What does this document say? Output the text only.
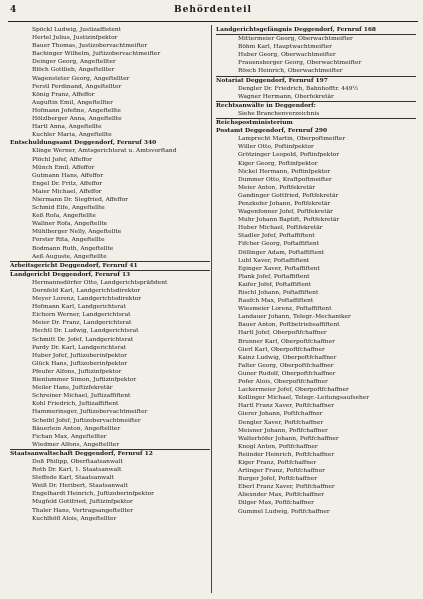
4	Behördenteil
Spöckl Ludwig, Justizaffistent
Hertel Julius, Justizinfpektor
Bauer Thomas, Justizobervachtmeifter
Bachinger Wilhelm, Juftizobervachtmeifter
Deinger Georg, Angeftellter
Blöch Gottlieb, Angeftellter
Wagensteter Georg, Angeftellter
Ferstl Ferdinand, Angeftellter
König Franz, Affeffor
Auguftin Emil, Angeftellter
Hofmann Jofefine, Angeftellte
Hölzlberger Anna, Angeftellte
Hartl Anna, Angeftellte
Kuchler Maria, Angeftellte
Entschuldungsamt Deggendorf, Fernruf 340
Klinge Werner, Amtsgerichtsrat u. Amtsvorftand
Plöchl Jofef, Affeffor
Münch Emil, Affeffor
Gutmann Hans, Affeffor
Engel Dr. Fritz, Affeffor
Maier Michael, Affeffor
Niermann Dr. Siegfried, Affeffor
Schmid Elfe, Angeftellte
Keß Rofa, Angeftellte
Wallner Rofa, Angeftellte
Mühlberger Nelly, Angeftellte
Forster Rita, Angeftellte
Bodmann Ruth, Angeftellte
Aeß Auguste, Angeftellte
Arbeitsgericht Deggendorf, Fernruf 41
Landgericht Deggendorf, Fernruf 13
Hermannsdörfer Otto, Landgerichtspräfident
Dornfeld Karl, Landgerichtsdirektor
Meyer Lorenz, Landgerichtsdirektor
Hofmann Karl, Landgerichtsrat
Eichorn Werner, Landgerichtsrat
Meier Dr. Franz, Landgerichtsrat
Hechtl Dr. Ludwig, Landgerichtsrat
Schmitt Dr. Jofef, Landgerichtsrat
Pardy Dr. Karl, Landgerichtsrat
Huber Jofef, Juftizoberinfpektor
Glück Hans, Juftizoberinfpektor
Pfeufer Alfons, Juftizinfpektor
Bienlummer Simon, Juftizinfpektor
Meiler Hans, Juftizfekretär
Schreiner Michael, Juftizaffiftent
Kohl Friedrich, Juftizaffiftent
Hammerinsger, Juftizobervachtmeifter
Scheibl Jofef, Juftizobervachtmeifter
Bäuerlein Anton, Angeftellter
Fichan Max, Angeftellter
Wiedmer Alfons, Angeftellter
Staatsanwaltschaft Deggendorf, Fernruf 12
Doß Philipp, Oberftaatsanwalt
Roth Dr. Karl, 1. Staatsanwalt
Steffede Karl, Staatsanwalt
Weiß Dr. Heribert, Staatsanwalt
Engelhardt Heinrich, Juftizoberinfpektor
Mugfeld Gottfried, Juftizinfpektor
Thaler Hans, Vertragsangeftellter
Kuchlhöfl Alois, Angeftellter
Landgerichtsgefängnis Deggendorf, Fernruf 168
Mittermeier Georg, Oberwachtmeifter
Böhm Karl, Hauptwachtmeifter
Huber Georg, Oberwachtmeifter
Frauensberger Georg, Oberwachtmeifter
Rösch Heinrich, Oberwachtmeifter
Notariat Deggendorf, Fernruf 197
Dengler Dr. Friedrich, Bahnhofftr. 449½
Wagner Hermann, Oberfekretär
Rechtsanwälte in Deggendorf:
Siehe Branchenverzeichnis
Reichspostministerium
Postamt Deggendorf, Fernruf 290
Lamprecht Martin, Oberpoftmeifter
Willer Otto, Poftinfpektor
Grötzinger Leopold, Poftinfpektor
Kiger Georg, Poftinfpektor
Nickel Hermann, Poftinfpektor
Dummer Otto, Kraftpoftmeifter
Meier Anton, Poftfekretär
Gandinger Gottfried, Poftfekretär
Penzkofer Johann, Poftfekretär
Wagenfonner Jofef, Poftfekretär
Muhr Johann Baptift, Poftfekretär
Huber Michael, Poftfekretär
Stadler Jofef, Poftaffiftent
Fifcher Georg, Poftaffiftent
Döllinger Adam, Poftaffiftent
Lubl Xaver, Poftaffiftent
Eginger Xaver, Poftaffiftent
Plank Jofef, Poftaffiftent
Kaifer Jofef, Poftaffiftent
Rischl Johann, Poftaffiftent
Raufch Max, Poftaffiftent
Wiesmeier Lorenz, Poftaffiftent
Landauer Johann, Telegr.-Mechaniker
Bauer Anton, Poftbetriebsaffiftent
Hartl Jofef, Oberpoftfchaffner
Brunner Karl, Oberpoftfchaffner
Gierl Karl, Oberpoftfchaffner
Kainz Ludwig, Oberpoftfchaffner
Falter Georg, Oberpoftfchaffner
Guner Rudolf, Oberpoftfchaffner
Pofer Alois, Oberpoftfchaffner
Lackermeier Jofef, Oberpoftfchaffner
Kollinger Michael, Telegr.-Leitungsaufseher
Hartl Franz Xaver, Poftfchaffner
Gierer Johann, Poftfchaffner
Dengler Xaver, Poftfchaffner
Meisner Johann, Poftfchaffner
Walterhöfer Johann, Poftfchaffner
Knogl Anton, Poftfchaffner
Reiinder Heinrich, Poftfchaffner
Kiger Franz, Poftfchaffner
Artinger Franz, Poftfchaffner
Burger Jofef, Poftfchaffner
Eberl Franz Xaver, Poftfchaffner
Aliexnder Max, Poftfchaffner
Dilger Max, Poftfchaffner
Gummel Ludwig, Poftfchaffner
